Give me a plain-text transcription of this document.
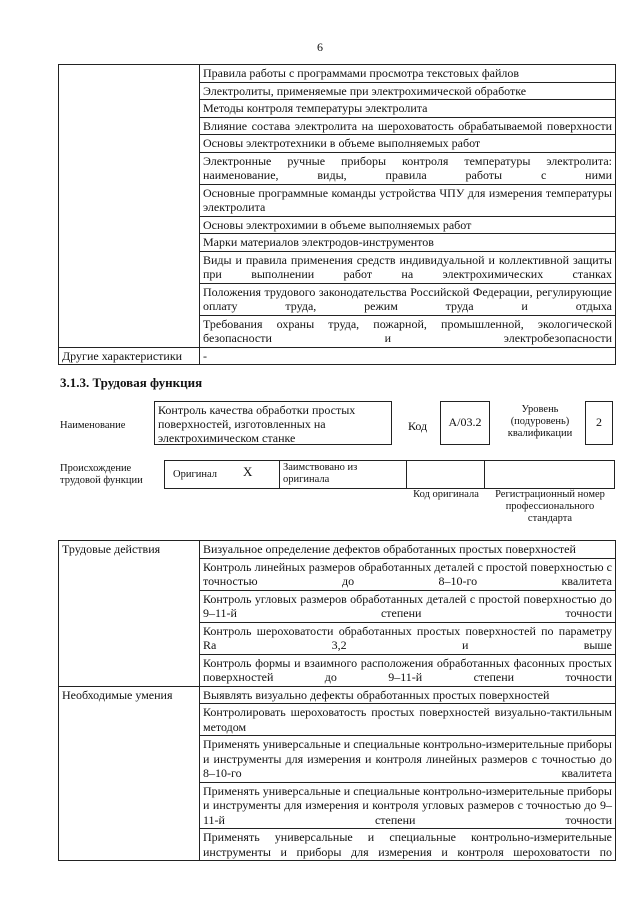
6
	Правила работы с программами просмотра текстовых файлов
	Электролиты, применяемые при электрохимической обработке
	Методы контроля температуры электролита
	Влияние состава электролита на шероховатость обрабатываемой поверхности
	Основы электротехники в объеме выполняемых работ
	Электронные ручные приборы контроля температуры электролита: наименование, виды, правила работы с ними
	Основные программные команды устройства ЧПУ для измерения температуры электролита
	Основы электрохимии в объеме выполняемых работ
	Марки материалов электродов-инструментов
	Виды и правила применения средств индивидуальной и коллективной защиты при выполнении работ на электрохимических станках
	Положения трудового законодательства Российской Федерации, регулирующие оплату труда, режим труда и отдыха
	Требования охраны труда, пожарной, промышленной, экологической безопасности и электробезопасности
Другие характеристики	-
3.1.3. Трудовая функция
Наименование
Контроль качества обработки простых поверхностей, изготовленных на электрохимическом станке
Код	А/03.2
Уровень (подуровень) квалификации
2
Происхождение трудовой функции
Оригинал X	Заимствовано из оригинала
Код оригинала	Регистрационный номер профессионального стандарта
Трудовые действия	Визуальное определение дефектов обработанных простых поверхностей
	Контроль линейных размеров обработанных деталей с простой поверхностью с точностью до 8–10-го квалитета
	Контроль угловых размеров обработанных деталей с простой поверхностью до 9–11-й степени точности
	Контроль шероховатости обработанных простых поверхностей по параметру Ra 3,2 и выше
	Контроль формы и взаимного расположения обработанных фасонных простых поверхностей до 9–11-й степени точности
Необходимые умения	Выявлять визуально дефекты обработанных простых поверхностей
	Контролировать шероховатость простых поверхностей визуально-тактильным методом
	Применять универсальные и специальные контрольно-измерительные приборы и инструменты для измерения и контроля линейных размеров с точностью до 8–10-го квалитета
	Применять универсальные и специальные контрольно-измерительные приборы и инструменты для измерения и контроля угловых размеров с точностью до 9–11-й степени точности
	Применять универсальные и специальные контрольно-измерительные инструменты и приборы для измерения и контроля шероховатости по
